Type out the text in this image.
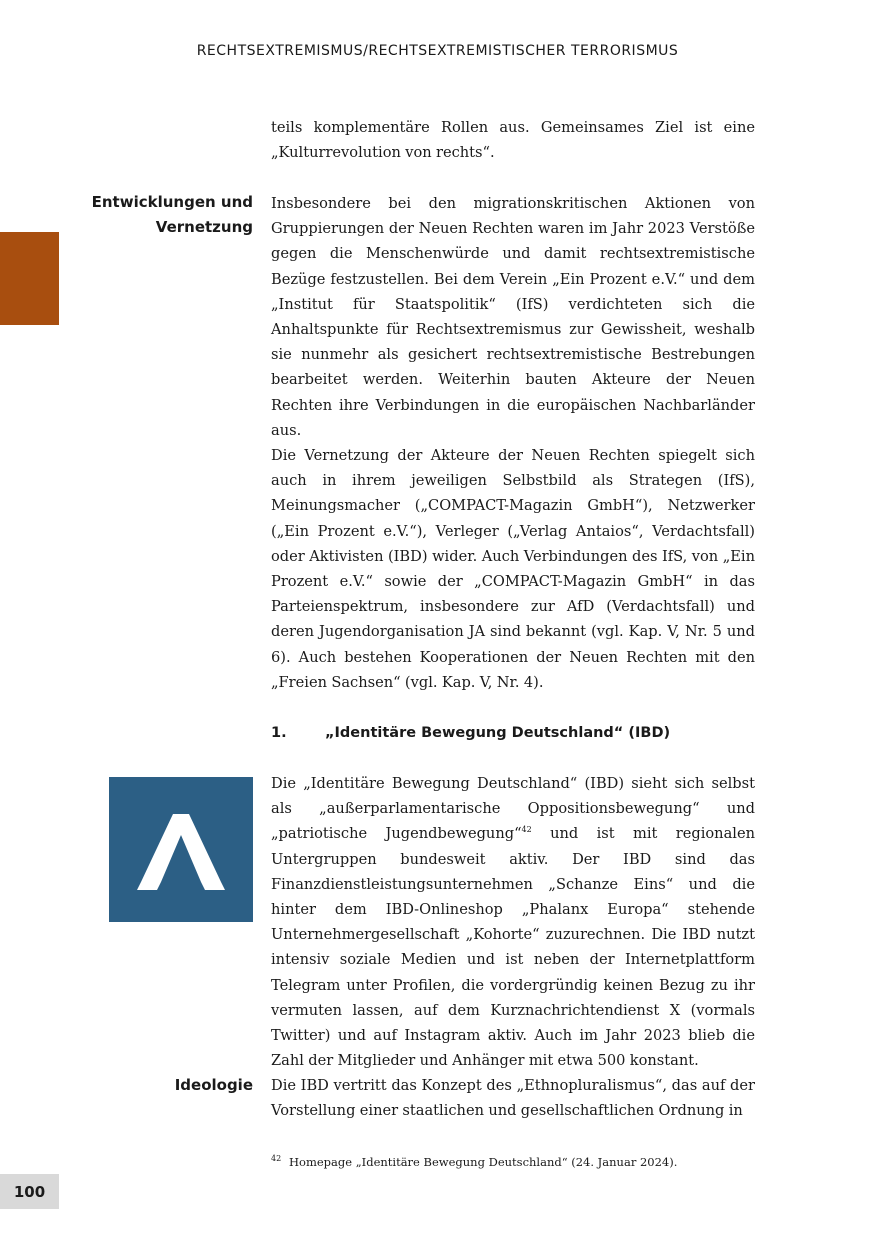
RECHTSEXTREMISMUS/RECHTSEXTREMISTISCHER TERRORISMUS
teils komplementäre Rollen aus. Gemeinsames Ziel ist eine „Kulturrevolution von rechts“.
Entwicklungen und Vernetzung
Insbesondere bei den migrationskritischen Aktionen von Gruppierungen der Neuen Rechten waren im Jahr 2023 Verstöße gegen die Menschenwürde und damit rechtsextremistische Bezüge festzustellen. Bei dem Verein „Ein Prozent e.V.“ und dem „Institut für Staatspolitik“ (IfS) verdichteten sich die Anhaltspunkte für Rechtsextremismus zur Gewissheit, weshalb sie nunmehr als gesichert rechtsextremistische Bestrebungen bearbeitet werden. Weiterhin bauten Akteure der Neuen Rechten ihre Verbindungen in die europäischen Nachbarländer aus.
Die Vernetzung der Akteure der Neuen Rechten spiegelt sich auch in ihrem jeweiligen Selbstbild als Strategen (IfS), Meinungsmacher („COMPACT-Magazin GmbH“), Netzwerker („Ein Prozent e.V.“), Verleger („Verlag Antaios“, Verdachtsfall) oder Aktivisten (IBD) wider. Auch Verbindungen des IfS, von „Ein Prozent e.V.“ sowie der „COMPACT-Magazin GmbH“ in das Parteienspektrum, insbesondere zur AfD (Verdachtsfall) und deren Jugendorganisation JA sind bekannt (vgl. Kap. V, Nr. 5 und 6). Auch bestehen Kooperationen der Neuen Rechten mit den „Freien Sachsen“ (vgl. Kap. V, Nr. 4).
1.	„Identitäre Bewegung Deutschland“ (IBD)
Die „Identitäre Bewegung Deutschland“ (IBD) sieht sich selbst als „außerparlamentarische Oppositionsbewegung“ und „patriotische Jugendbewegung“$^{42}$ und ist mit regionalen Untergruppen bundesweit aktiv. Der IBD sind das Finanzdienstleistungsunternehmen „Schanze Eins“ und die hinter dem IBD-Onlineshop „Phalanx Europa“ stehende Unternehmergesellschaft „Kohorte“ zuzurechnen. Die IBD nutzt intensiv soziale Medien und ist neben der Internetplattform Telegram unter Profilen, die vordergründig keinen Bezug zu ihr vermuten lassen, auf dem Kurznachrichtendienst X (vormals Twitter) und auf Instagram aktiv. Auch im Jahr 2023 blieb die Zahl der Mitglieder und Anhänger mit etwa 500 konstant.
Ideologie Die IBD vertritt das Konzept des „Ethnopluralismus“, das auf der Vorstellung einer staatlichen und gesellschaftlichen Ordnung in
$^{42}$ Homepage „Identitäre Bewegung Deutschland“ (24. Januar 2024).
100
